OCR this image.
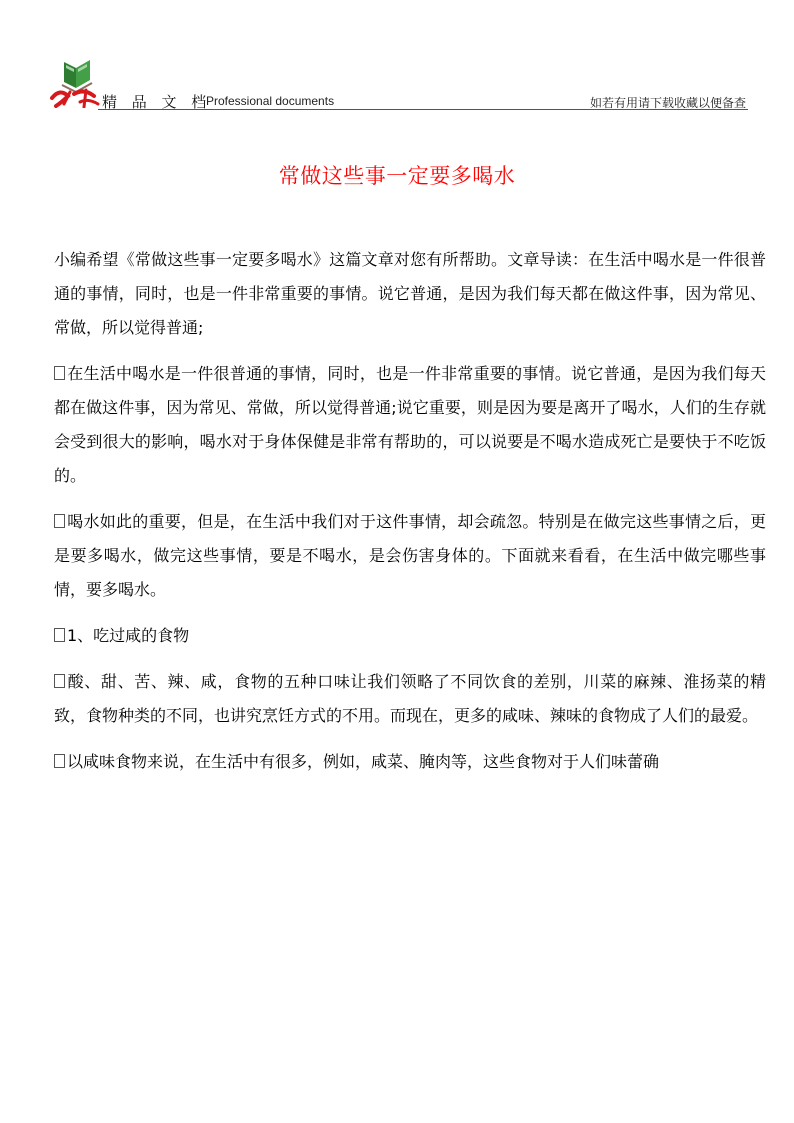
精 品 文 档
Professional documents	如若有用请下载收藏以便备查
常做这些事一定要多喝水

小编希望《常做这些事一定要多喝水》这篇文章对您有所帮助。文章导读：在生活中喝水是一件很普通的事情，同时，也是一件非常重要的事情。说它普通，是因为我们每天都在做这件事，因为常见、常做，所以觉得普通;

在生活中喝水是一件很普通的事情，同时，也是一件非常重要的事情。说它普通，是因为我们每天都在做这件事，因为常见、常做，所以觉得普通;说它重要，则是因为要是离开了喝水，人们的生存就会受到很大的影响，喝水对于身体保健是非常有帮助的，可以说要是不喝水造成死亡是要快于不吃饭的。

喝水如此的重要，但是，在生活中我们对于这件事情，却会疏忽。特别是在做完这些事情之后，更是要多喝水，做完这些事情，要是不喝水，是会伤害身体的。下面就来看看，在生活中做完哪些事情，要多喝水。

1、吃过咸的食物

酸、甜、苦、辣、咸，食物的五种口味让我们领略了不同饮食的差别，川菜的麻辣、淮扬菜的精致，食物种类的不同，也讲究烹饪方式的不用。而现在，更多的咸味、辣味的食物成了人们的最爱。

以咸味食物来说，在生活中有很多，例如，咸菜、腌肉等，这些食物对于人们味蕾确
